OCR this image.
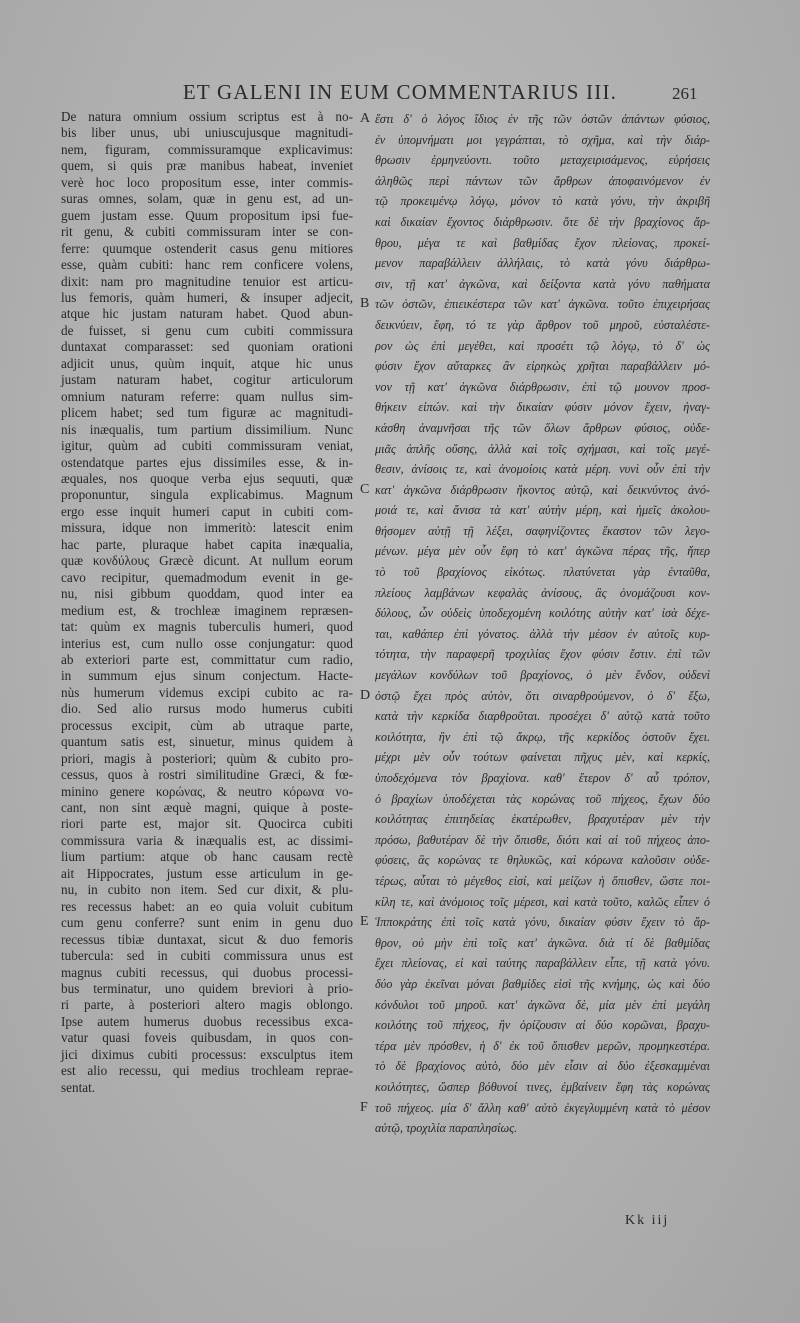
ET GALENI IN EUM COMMENTARIUS III.	261
De natura omnium ossium scriptus est à no-
bis liber unus, ubi uniuscujusque magnitudi-
nem, figuram, commissuramque explicavimus:
quem, si quis præ manibus habeat, inveniet
verè hoc loco propositum esse, inter commis-
suras omnes, solam, quæ in genu est, ad un-
guem justam esse. Quum propositum ipsi fue-
rit genu, & cubiti commissuram inter se con-
ferre: quumque ostenderit casus genu mitiores
esse, quàm cubiti: hanc rem conficere volens,
dixit: nam pro magnitudine tenuior est articu-
lus femoris, quàm humeri, & insuper adjecit,
atque hic justam naturam habet. Quod abun-
de fuisset, si genu cum cubiti commissura
duntaxat comparasset: sed quoniam orationi
adjicit unus, quùm inquit, atque hic unus
justam naturam habet, cogitur articulorum
omnium naturam referre: quam nullus sim-
plicem habet; sed tum figuræ ac magnitudi-
nis inæqualis, tum partium dissimilium. Nunc
igitur, quùm ad cubiti commissuram veniat,
ostendatque partes ejus dissimiles esse, & in-
æquales, nos quoque verba ejus sequuti, quæ
proponuntur, singula explicabimus. Magnum
ergo esse inquit humeri caput in cubiti com-
missura, idque non immeritò: latescit enim
hac parte, pluraque habet capita inæqualia,
quæ κονδύλους Græcè dicunt. At nullum eorum
cavo recipitur, quemadmodum evenit in ge-
nu, nisi gibbum quoddam, quod inter ea
medium est, & trochleæ imaginem repræsen-
tat: quùm ex magnis tuberculis humeri, quod
interius est, cum nullo osse conjungatur: quod
ab exteriori parte est, committatur cum radio,
in summum ejus sinum conjectum. Hacte-
nùs humerum videmus excipi cubito ac ra-
dio. Sed alio rursus modo humerus cubiti
processus excipit, cùm ab utraque parte,
quantum satis est, sinuetur, minus quidem à
priori, magis à posteriori; quùm & cubito pro-
cessus, quos à rostri similitudine Græci, & fœ-
minino genere κορώνας, & neutro κόρωνα vo-
cant, non sint æquè magni, quique à poste-
riori parte est, major sit. Quocirca cubiti
commissura varia & inæqualis est, ac dissimi-
lium partium: atque ob hanc causam rectè
ait Hippocrates, justum esse articulum in ge-
nu, in cubito non item. Sed cur dixit, & plu-
res recessus habet: an eo quia voluit cubitum
cum genu conferre? sunt enim in genu duo
recessus tibiæ duntaxat, sicut & duo femoris
tubercula: sed in cubiti commissura unus est
magnus cubiti recessus, qui duobus processi-
bus terminatur, uno quidem breviori à prio-
ri parte, à posteriori altero magis oblongo.
Ipse autem humerus duobus recessibus exca-
vatur quasi foveis quibusdam, in quos con-
jici diximus cubiti processus: exsculptus item
est alio recessu, qui medius trochleam reprae-
sentat.
ἔστι δ' ὁ λόγος ἴδιος ἐν τῆς τῶν ὀστῶν ἁπάντων φύσιος,
ἐν ὑπομνήματι μοι γεγράπται, τὸ σχῆμα, καὶ τὴν διάρ-
θρωσιν ἑρμηνεύοντι. τοῦτο μεταχειρισάμενος, εὑρήσεις
ἀληθῶς περὶ πάντων τῶν ἄρθρων ἀποφαινόμενον ἐν
τῷ προκειμένῳ λόγῳ, μόνον τὸ κατὰ γόνυ, τὴν ἀκριβῆ
καὶ δικαίαν ἔχοντος διάρθρωσιν. ὅτε δὲ τὴν βραχίονος ἄρ-
θρου, μέγα τε καὶ βαθμίδας ἔχον πλείονας, προκεί-
μενον παραβάλλειν ἀλλήλαις, τὸ κατὰ γόνυ διάρθρω-
σιν, τῇ κατ' ἀγκῶνα, καὶ δείξοντα κατὰ γόνυ παθήματα
τῶν ὀστῶν, ἐπιεικέστερα τῶν κατ' ἀγκῶνα. τοῦτο ἐπιχειρήσας
δεικνύειν, ἔφη, τό τε γὰρ ἄρθρον τοῦ μηροῦ, εὐσταλέστε-
ρον ὡς ἐπὶ μεγέθει, καὶ προσέτι τῷ λόγῳ, τὸ δ' ὡς
φύσιν ἔχον αὔταρκες ἂν εἰρηκὼς χρῆται παραβάλλειν μό-
νον τῇ κατ' ἀγκῶνα διάρθρωσιν, ἐπὶ τῷ μουνον προσ-
θήκειν εἰπών. καὶ τὴν δικαίαν φύσιν μόνον ἔχειν, ἠναγ-
κάσθη ἀναμνῆσαι τῆς τῶν ὅλων ἄρθρων φύσιος, οὐδε-
μιᾶς ἁπλῆς οὔσης, ἀλλὰ καὶ τοῖς σχήμασι, καὶ τοῖς μεγέ-
θεσιν, ἀνίσοις τε, καὶ ἀνομοίοις κατὰ μέρη. νυνὶ οὖν ἐπὶ τὴν
κατ' ἀγκῶνα διάρθρωσιν ἥκοντος αὐτῷ, καὶ δεικνύντος ἀνό-
μοιά τε, καὶ ἄνισα τὰ κατ' αὐτὴν μέρη, καὶ ἡμεῖς ἀκολου-
θήσομεν αὐτῇ τῇ λέξει, σαφηνίζοντες ἕκαστον τῶν λεγο-
μένων. μέγα μὲν οὖν ἔφη τὸ κατ' ἀγκῶνα πέρας τῆς, ἤπερ
τὸ τοῦ βραχίονος εἰκότως. πλατύνεται γὰρ ἐνταῦθα,
πλείους λαμβάνων κεφαλὰς ἀνίσους, ἃς ὀνομάζουσι κον-
δύλους, ὧν οὐδεὶς ὑποδεχομένη κοιλότης αὐτὴν κατ' ἰσὰ δέχε-
ται, καθάπερ ἐπὶ γόνατος. ἀλλὰ τὴν μέσον ἐν αὐτοῖς κυρ-
τότητα, τὴν παραφερῆ τροχιλίας ἔχον φύσιν ἔστιν. ἐπὶ τῶν
μεγάλων κονδύλων τοῦ βραχίονος, ὁ μὲν ἔνδον, οὐδενὶ
ὀστῷ ἔχει πρὸς αὐτὸν, ὅτι σιναρθρούμενον, ὁ δ' ἔξω,
κατὰ τὴν κερκίδα διαρθροῦται. προσέχει δ' αὐτῷ κατὰ τοῦτο
κοιλότητα, ἣν ἐπὶ τῷ ἄκρῳ, τῆς κερκίδος ὀστοῦν ἔχει.
μέχρι μὲν οὖν τούτων φαίνεται πῆχυς μὲν, καὶ κερκίς,
ὑποδεχόμενα τὸν βραχίονα. καθ' ἕτερον δ' αὖ τρόπον,
ὁ βραχίων ὑποδέχεται τὰς κορώνας τοῦ πήχεος, ἔχων δύο
κοιλότητας ἐπιτηδείας ἑκατέρωθεν, βραχυτέραν μὲν τὴν
πρόσω, βαθυτέραν δὲ τὴν ὄπισθε, διότι καὶ αἱ τοῦ πήχεος ἀπο-
φύσεις, ἃς κορώνας τε θηλυκῶς, καὶ κόρωνα καλοῦσιν οὐδε-
τέρως, αὗται τὸ μέγεθος εἰσί, καὶ μείζων ἡ ὄπισθεν, ὥστε ποι-
κίλη τε, καὶ ἀνόμοιος τοῖς μέρεσι, καὶ κατὰ τοῦτο, καλῶς εἶπεν ὁ
Ἱπποκράτης ἐπὶ τοῖς κατὰ γόνυ, δικαίαν φύσιν ἔχειν τὸ ἄρ-
θρον, οὐ μὴν ἐπὶ τοῖς κατ' ἀγκῶνα. διὰ τί δὲ βαθμίδας
ἔχει πλείονας, εἰ καὶ ταύτης παραβάλλειν εἶπε, τῇ κατὰ γόνυ.
δύο γὰρ ἐκεῖναι μόναι βαθμίδες εἰσὶ τῆς κνήμης, ὡς καὶ δύο
κόνδυλοι τοῦ μηροῦ. κατ' ἀγκῶνα δὲ, μία μὲν ἐπὶ μεγάλη
κοιλότης τοῦ πήχεος, ἣν ὁρίζουσιν αἱ δύο κορῶναι, βραχυ-
τέρα μὲν πρόσθεν, ἡ δ' ἐκ τοῦ ὄπισθεν μερῶν, προμηκεστέρα.
τὸ δὲ βραχίονος αὐτὸ, δύο μὲν εἶσιν αἱ δύο ἐξεσκαμμέναι
κοιλότητες, ὥσπερ βόθυνοί τινες, ἐμβαίνειν ἔφη τὰς κορώνας
τοῦ πήχεος. μία δ' ἄλλη καθ' αὐτὸ ἐκγεγλυμμένη κατὰ τὸ μέσον
αὐτῷ, τροχιλία παραπλησίως.
A
B
C
D
E
F
Kk iij
